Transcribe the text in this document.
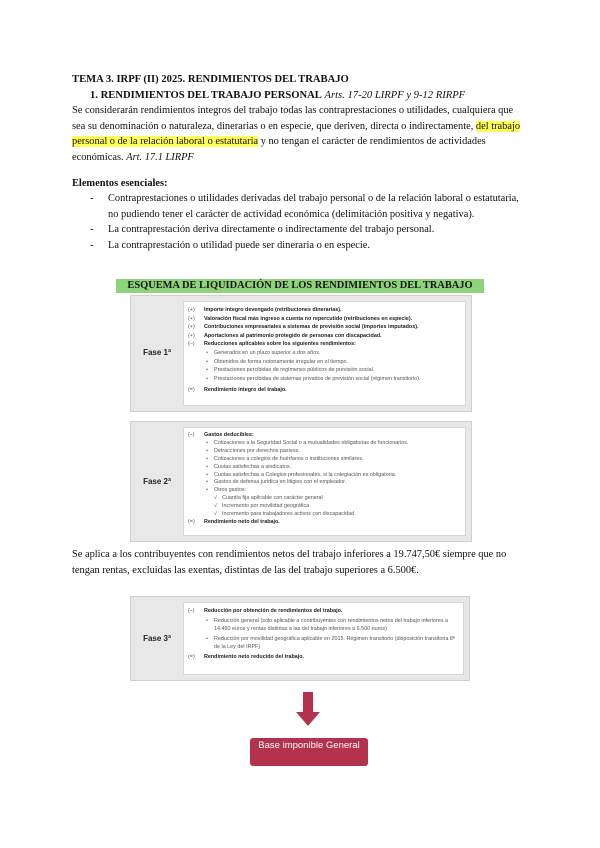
TEMA 3. IRPF (II) 2025. RENDIMIENTOS DEL TRABAJO
1. RENDIMIENTOS DEL TRABAJO PERSONAL Arts. 17-20 LIRPF y 9-12 RIRPF
Se considerarán rendimientos íntegros del trabajo todas las contraprestaciones o utilidades, cualquiera que sea su denominación o naturaleza, dinerarias o en especie, que deriven, directa o indirectamente, del trabajo personal o de la relación laboral o estatutaria y no tengan el carácter de rendimientos de actividades económicas. Art. 17.1 LIRPF
Elementos esenciales:
- Contraprestaciones o utilidades derivadas del trabajo personal o de la relación laboral o estatutaria, no pudiendo tener el carácter de actividad económica (delimitación positiva y negativa).
- La contraprestación deriva directamente o indirectamente del trabajo personal.
- La contraprestación o utilidad puede ser dineraria o en especie.
ESQUEMA DE LIQUIDACIÓN DE LOS RENDIMIENTOS DEL TRABAJO
Fase 1ª
(+) Importe íntegro devengado (retribuciones dinerarias).
(+) Valoración fiscal más ingreso a cuenta no repercutido (retribuciones en especie).
(+) Contribuciones empresariales a sistemas de previsión social (importes imputados).
(+) Aportaciones al patrimonio protegido de personas con discapacidad.
(–) Reducciones aplicables sobre los siguientes rendimientos:
• Generados en un plazo superior a dos años.
• Obtenidos de forma notoriamente irregular en el tiempo.
• Prestaciones percibidas de regímenes públicos de previsión social.
• Prestaciones percibidas de sistemas privados de previsión social (régimen transitorio).
(=) Rendimiento íntegro del trabajo.
Fase 2ª
(–) Gastos deducibles:
• Cotizaciones a la Seguridad Social o a mutualidades obligatorias de funcionarios.
• Detracciones por derechos pasivos.
• Cotizaciones a colegios de huérfanos o instituciones similares.
• Cuotas satisfechas a sindicatos.
• Cuotas satisfechas a Colegios profesionales, si la colegiación es obligatoria.
• Gastos de defensa jurídica en litigios con el empleador.
• Otros gastos:
√ Cuantía fija aplicable con carácter general
√ Incremento por movilidad geográfica
√ Incremento para trabajadores activos con discapacidad
(=) Rendimiento neto del trabajo.
Se aplica a los contribuyentes con rendimientos netos del trabajo inferiores a 19.747,50€ siempre que no tengan rentas, excluidas las exentas, distintas de las del trabajo superiores a 6.500€.
Fase 3ª
(–) Reducción por obtención de rendimientos del trabajo.
• Reducción general (solo aplicable a contribuyentes con rendimientos netos del trabajo inferiores a 14.450 euros y rentas distintas a las del trabajo inferiores a 6.500 euros)
• Reducción por movilidad geográfica aplicable en 2015. Régimen transitorio (disposición transitoria 8ª de la Ley del IRPF)
(=) Rendimiento neto reducido del trabajo.
Base imponible General
